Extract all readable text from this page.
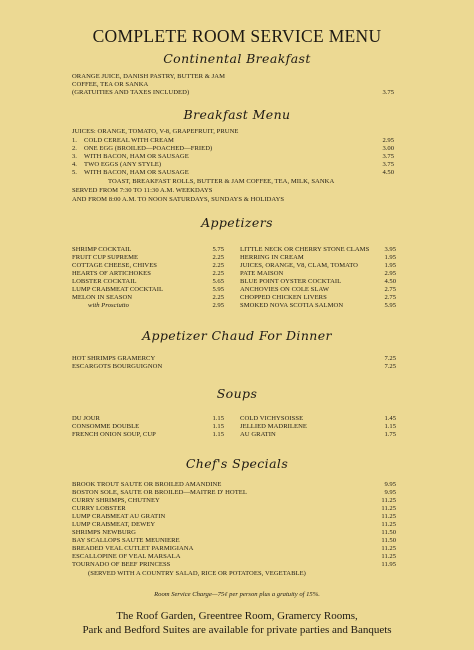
COMPLETE ROOM SERVICE MENU
Continental Breakfast
ORANGE JUICE, DANISH PASTRY, BUTTER & JAM
COFFEE, TEA OR SANKA
(GRATUITIES AND TAXES INCLUDED)	3.75
Breakfast Menu
JUICES: ORANGE, TOMATO, V-8, GRAPEFRUIT, PRUNE
1. COLD CEREAL WITH CREAM	2.95
2. ONE EGG (BROILED—POACHED—FRIED)	3.00
3. WITH BACON, HAM OR SAUSAGE	3.75
4. TWO EGGS (ANY STYLE)	3.75
5. WITH BACON, HAM OR SAUSAGE	4.50
TOAST, BREAKFAST ROLLS, BUTTER & JAM COFFEE, TEA, MILK, SANKA
SERVED FROM 7:30 TO 11:30 A.M. WEEKDAYS
AND FROM 8:00 A.M. TO NOON SATURDAYS, SUNDAYS & HOLIDAYS
Appetizers
SHRIMP COCKTAIL	5.75
FRUIT CUP SUPREME	2.25
COTTAGE CHEESE, CHIVES	2.25
HEARTS OF ARTICHOKES	2.25
LOBSTER COCKTAIL	5.65
LUMP CRABMEAT COCKTAIL	5.95
MELON IN SEASON	2.25
with Prosciutto	2.95
LITTLE NECK OR CHERRY STONE CLAMS 3.95
HERRING IN CREAM	1.95
JUICES, ORANGE, V8, CLAM, TOMATO	1.95
PATE MAISON	2.95
BLUE POINT OYSTER COCKTAIL	4.50
ANCHOVIES ON COLE SLAW	2.75
CHOPPED CHICKEN LIVERS	2.75
SMOKED NOVA SCOTIA SALMON	5.95
Appetizer Chaud For Dinner
HOT SHRIMPS GRAMERCY	7.25
ESCARGOTS BOURGUIGNON	7.25
Soups
DU JOUR	1.15
CONSOMME DOUBLE	1.15
FRENCH ONION SOUP, CUP	1.15
COLD VICHYSOISSE	1.45
JELLIED MADRILENE	1.15
AU GRATIN	1.75
Chef's Specials
BROOK TROUT SAUTE OR BROILED AMANDINE	9.95
BOSTON SOLE, SAUTE OR BROILED—MAITRE D' HOTEL	9.95
CURRY SHRIMPS, CHUTNEY	11.25
CURRY LOBSTER	11.25
LUMP CRABMEAT AU GRATIN	11.25
LUMP CRABMEAT, DEWEY	11.25
SHRIMPS NEWBURG	11.50
BAY SCALLOPS SAUTE MEUNIERE	11.50
BREADED VEAL CUTLET PARMIGIANA	11.25
ESCALLOPINE OF VEAL MARSALA	11.25
TOURNADO OF BEEF PRINCESS	11.95
(SERVED WITH A COUNTRY SALAD, RICE OR POTATOES, VEGETABLE)
Room Service Charge—75¢ per person plus a gratuity of 15%.
The Roof Garden, Greentree Room, Gramercy Rooms,
Park and Bedford Suites are available for private parties and Banquets
